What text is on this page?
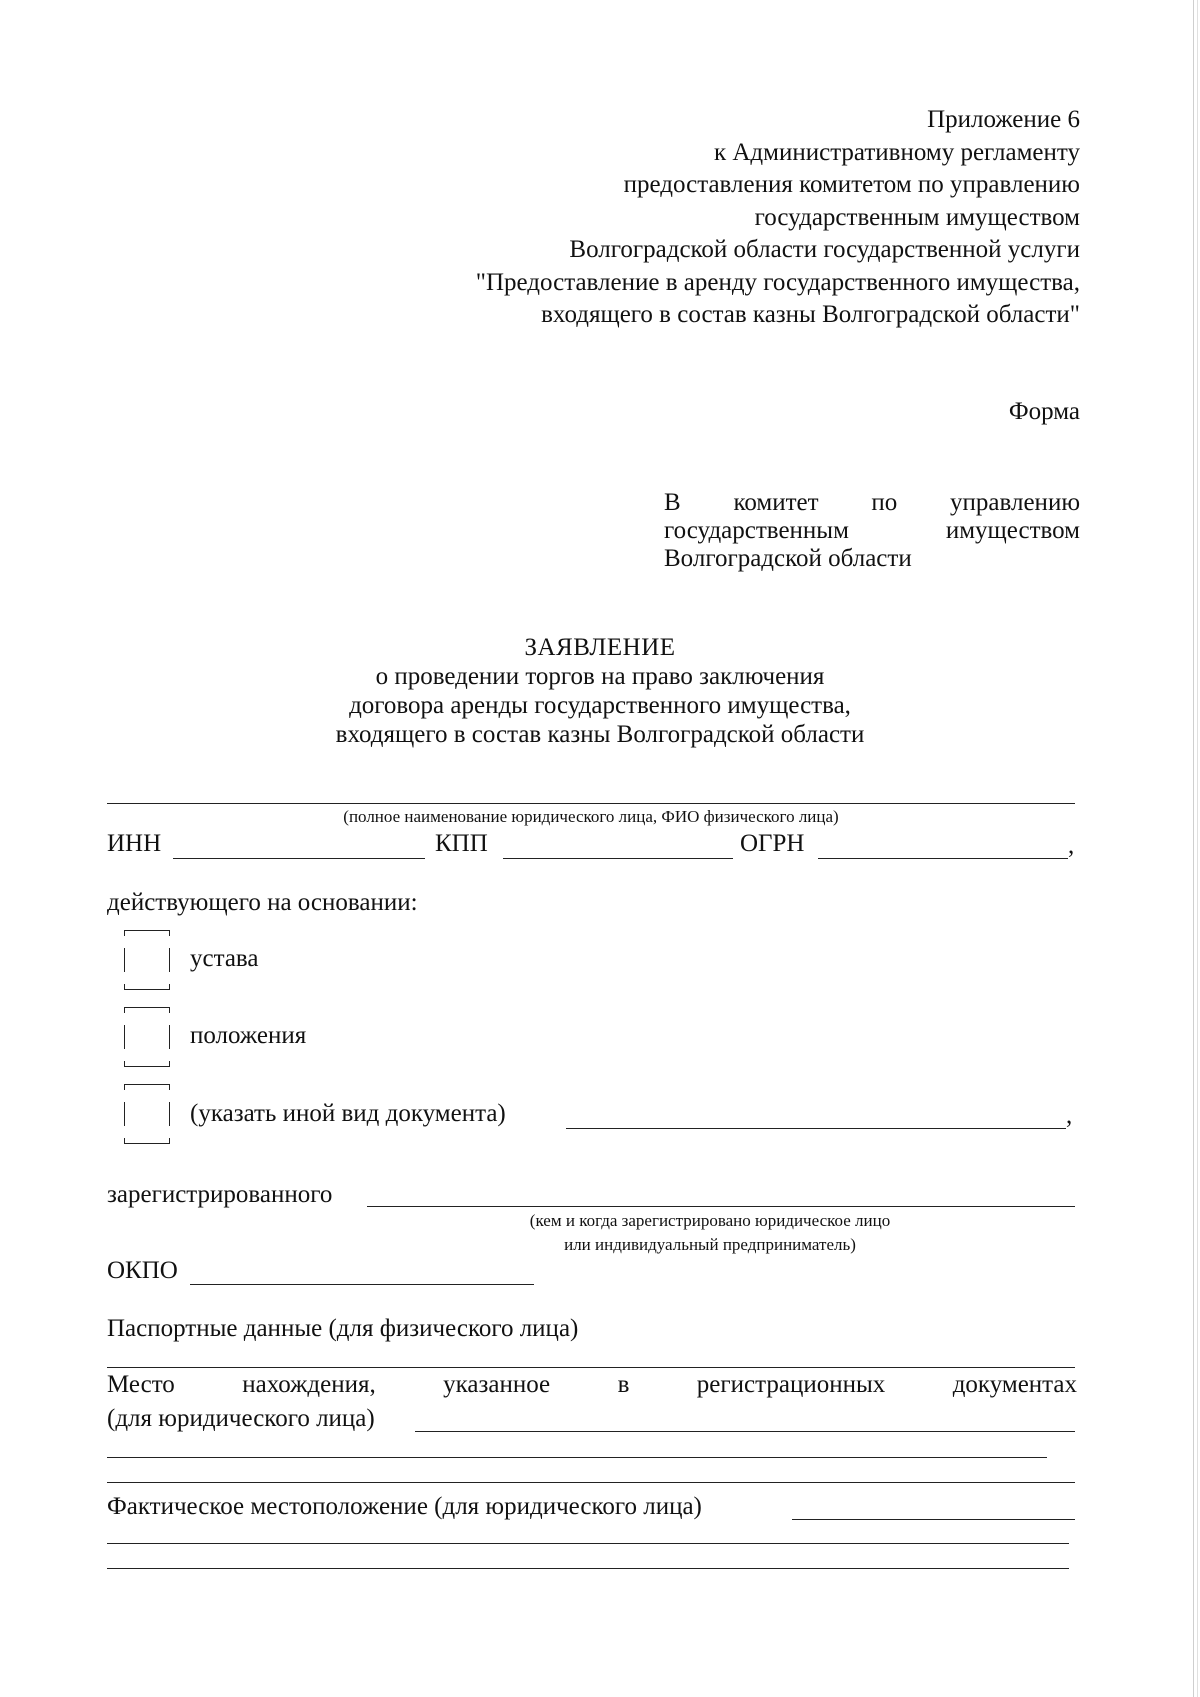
Приложение 6
к Административному регламенту
предоставления комитетом по управлению
государственным имуществом
Волгоградской области государственной услуги
"Предоставление в аренду государственного имущества,
входящего в состав казны Волгоградской области"
Форма
В комитет по управлению
государственным имуществом
Волгоградской области
ЗАЯВЛЕНИЕ
о проведении торгов на право заключения
договора аренды государственного имущества,
входящего в состав казны Волгоградской области
(полное наименование юридического лица, ФИО физического лица)
ИНН	КПП	ОГРН	,
действующего на основании:
устава
положения
(указать иной вид документа)	,
зарегистрированного
(кем и когда зарегистрировано юридическое лицо
или индивидуальный предприниматель)
ОКПО
Паспортные данные (для физического лица)
Место нахождения, указанное в регистрационных документах
(для юридического лица)
Фактическое местоположение (для юридического лица)
